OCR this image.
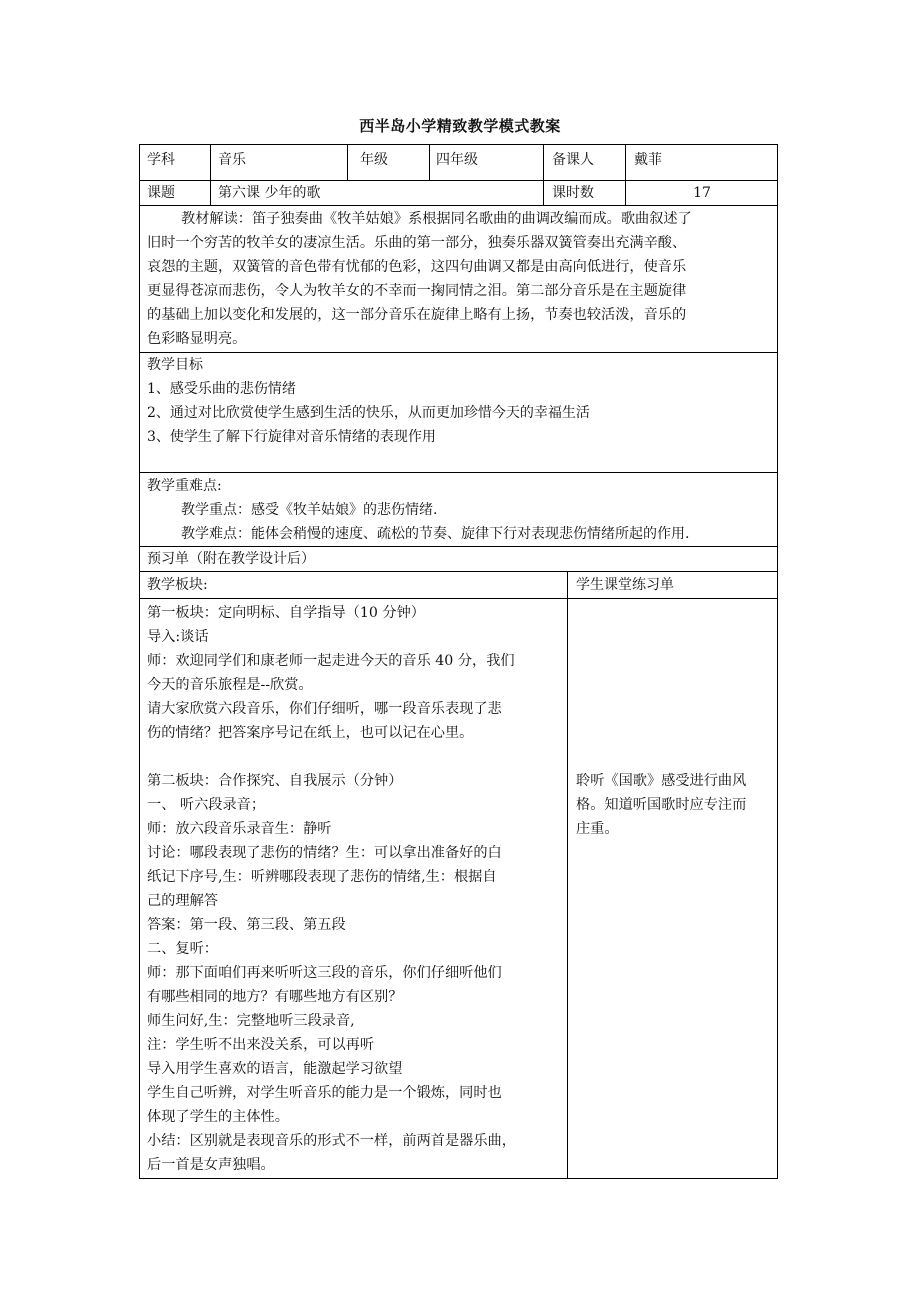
西半岛小学精致教学模式教案
学科	音乐	年级	四年级	备课人	戴菲
课题	第六课 少年的歌	课时数	17
教材解读：笛子独奏曲《牧羊姑娘》系根据同名歌曲的曲调改编而成。歌曲叙述了
旧时一个穷苦的牧羊女的凄凉生活。乐曲的第一部分，独奏乐器双簧管奏出充满辛酸、
哀怨的主题，双簧管的音色带有忧郁的色彩，这四句曲调又都是由高向低进行，使音乐
更显得苍凉而悲伤，令人为牧羊女的不幸而一掬同情之泪。第二部分音乐是在主题旋律
的基础上加以变化和发展的，这一部分音乐在旋律上略有上扬，节奏也较活泼，音乐的
色彩略显明亮。
教学目标
1、感受乐曲的悲伤情绪
2、通过对比欣赏使学生感到生活的快乐，从而更加珍惜今天的幸福生活
3、使学生了解下行旋律对音乐情绪的表现作用
教学重难点:
教学重点：感受《牧羊姑娘》的悲伤情绪.
教学难点：能体会稍慢的速度、疏松的节奏、旋律下行对表现悲伤情绪所起的作用.
预习单（附在教学设计后）
教学板块:	学生课堂练习单
第一板块：定向明标、自学指导（10 分钟）
导入:谈话
师：欢迎同学们和康老师一起走进今天的音乐 40 分，我们
今天的音乐旅程是--欣赏。
请大家欣赏六段音乐，你们仔细听，哪一段音乐表现了悲
伤的情绪？把答案序号记在纸上，也可以记在心里。

第二板块：合作探究、自我展示（分钟）
一、 听六段录音；
师：放六段音乐录音生：静听
讨论：哪段表现了悲伤的情绪？生：可以拿出准备好的白
纸记下序号,生：听辨哪段表现了悲伤的情绪,生：根据自
己的理解答
答案：第一段、第三段、第五段
二、复听：
师：那下面咱们再来听听这三段的音乐，你们仔细听他们
有哪些相同的地方？有哪些地方有区别？
师生问好,生：完整地听三段录音,
注：学生听不出来没关系，可以再听
导入用学生喜欢的语言，能激起学习欲望
学生自己听辨，对学生听音乐的能力是一个锻炼，同时也
体现了学生的主体性。
小结：区别就是表现音乐的形式不一样，前两首是器乐曲，
后一首是女声独唱。
聆听《国歌》感受进行曲风
格。知道听国歌时应专注而
庄重。
